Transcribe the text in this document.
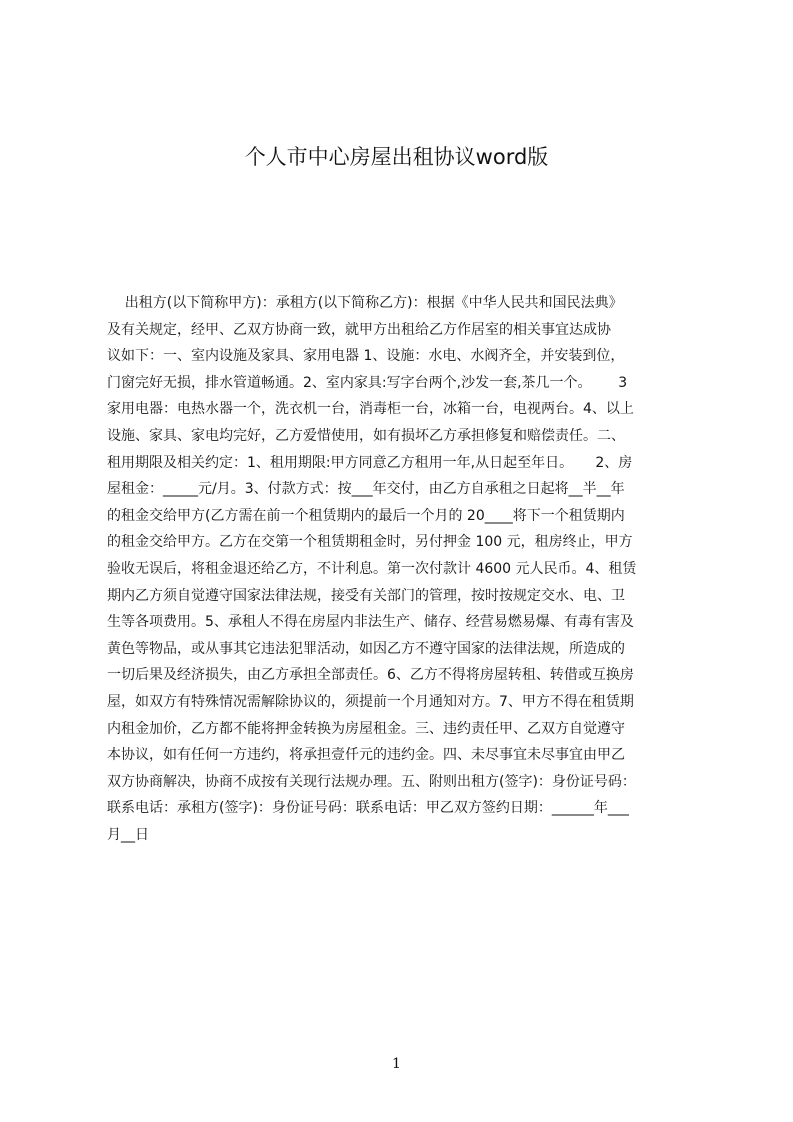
个人市中心房屋出租协议word版
出租方(以下简称甲方)：承租方(以下简称乙方)：根据《中华人民共和国民法典》
及有关规定，经甲、乙双方协商一致，就甲方出租给乙方作居室的相关事宜达成协
议如下：一、室内设施及家具、家用电器 1、设施：水电、水阀齐全，并安装到位，
门窗完好无损，排水管道畅通。2、室内家具:写字台两个,沙发一套,茶几一个。      3
家用电器：电热水器一个，洗衣机一台，消毒柜一台，冰箱一台，电视两台。4、以上
设施、家具、家电均完好，乙方爱惜使用，如有损坏乙方承担修复和赔偿责任。二、
租用期限及相关约定：1、租用期限:甲方同意乙方租用一年,从日起至年日。     2、房
屋租金：_____元/月。3、付款方式：按___年交付，由乙方自承租之日起将__半__年
的租金交给甲方(乙方需在前一个租赁期内的最后一个月的 20____将下一个租赁期内
的租金交给甲方。乙方在交第一个租赁期租金时，另付押金 100 元，租房终止，甲方
验收无误后，将租金退还给乙方，不计利息。第一次付款计 4600 元人民币。4、租赁
期内乙方须自觉遵守国家法律法规，接受有关部门的管理，按时按规定交水、电、卫
生等各项费用。5、承租人不得在房屋内非法生产、储存、经营易燃易爆、有毒有害及
黄色等物品，或从事其它违法犯罪活动，如因乙方不遵守国家的法律法规，所造成的
一切后果及经济损失，由乙方承担全部责任。6、乙方不得将房屋转租、转借或互换房
屋，如双方有特殊情况需解除协议的，须提前一个月通知对方。7、甲方不得在租赁期
内租金加价，乙方都不能将押金转换为房屋租金。三、违约责任甲、乙双方自觉遵守
本协议，如有任何一方违约，将承担壹仟元的违约金。四、未尽事宜未尽事宜由甲乙
双方协商解决，协商不成按有关现行法规办理。五、附则出租方(签字)：身份证号码：
联系电话：承租方(签字)：身份证号码：联系电话：甲乙双方签约日期：______年___
月__日
1
